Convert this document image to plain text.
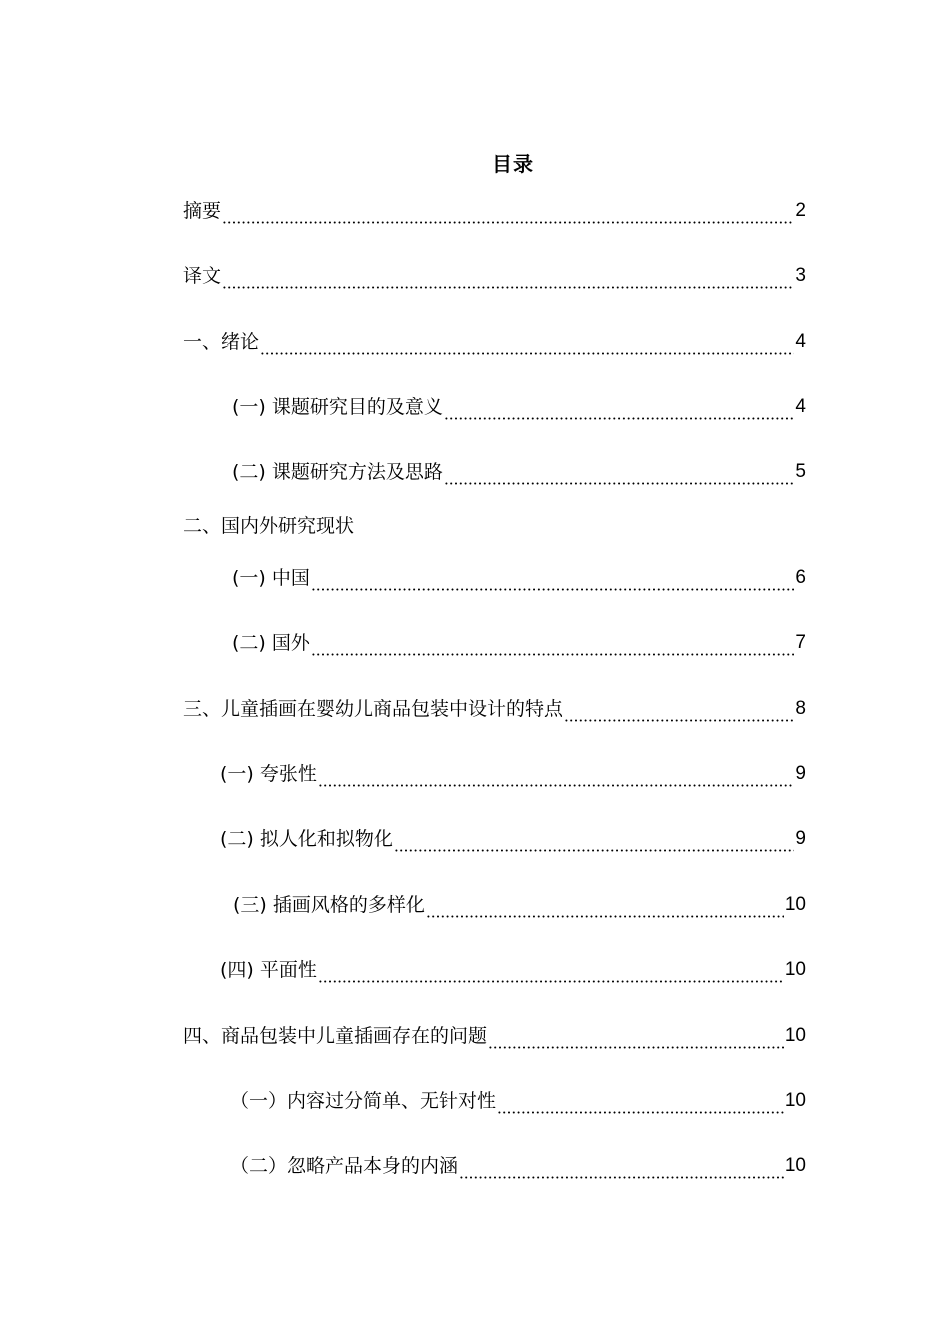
目录
摘要	2
译文	3
一、绪论	4
(一) 课题研究目的及意义	4
(二) 课题研究方法及思路	5
二、国内外研究现状
(一) 中国	6
(二) 国外	7
三、儿童插画在婴幼儿商品包装中设计的特点	8
(一) 夸张性	9
(二) 拟人化和拟物化	9
(三) 插画风格的多样化	10
(四) 平面性	10
四、商品包装中儿童插画存在的问题	10
（一）内容过分简单、无针对性	10
（二）忽略产品本身的内涵	10
